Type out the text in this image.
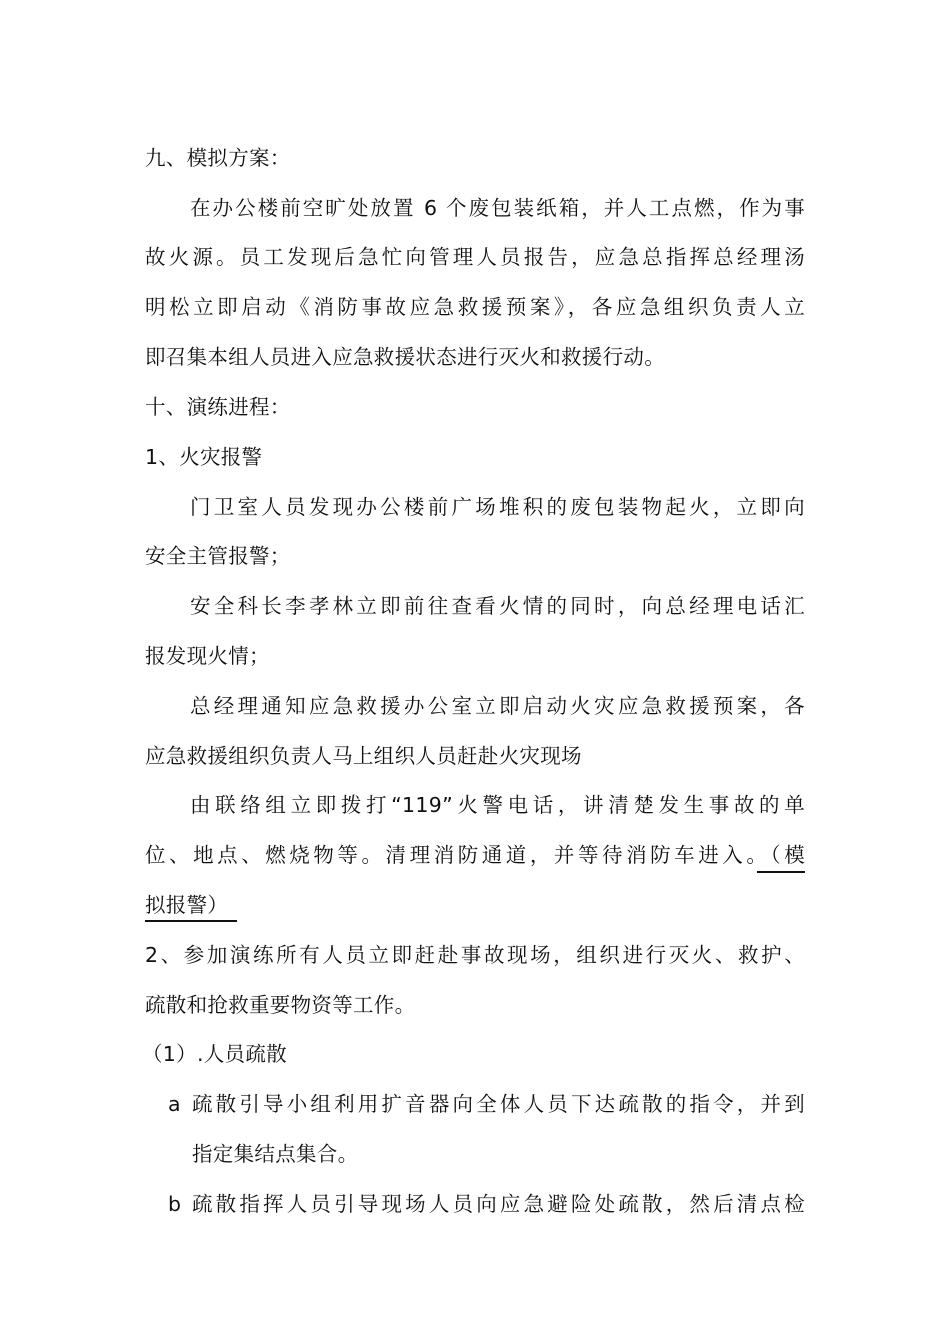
九、模拟方案：
在办公楼前空旷处放置 6 个废包装纸箱，并人工点燃，作为事
故火源。员工发现后急忙向管理人员报告，应急总指挥总经理汤
明松立即启动《消防事故应急救援预案》，各应急组织负责人立
即召集本组人员进入应急救援状态进行灭火和救援行动。
十、演练进程：
1、火灾报警
门卫室人员发现办公楼前广场堆积的废包装物起火，立即向
安全主管报警；
安全科长李孝林立即前往查看火情的同时，向总经理电话汇
报发现火情；
总经理通知应急救援办公室立即启动火灾应急救援预案，各
应急救援组织负责人马上组织人员赶赴火灾现场
由联络组立即拨打“119”火警电话，讲清楚发生事故的单
位、地点、燃烧物等。清理消防通道，并等待消防车进入。（模
拟报警）
2、参加演练所有人员立即赶赴事故现场，组织进行灭火、救护、
疏散和抢救重要物资等工作。
（1）.人员疏散
a 疏散引导小组利用扩音器向全体人员下达疏散的指令，并到
指定集结点集合。
b 疏散指挥人员引导现场人员向应急避险处疏散，然后清点检
